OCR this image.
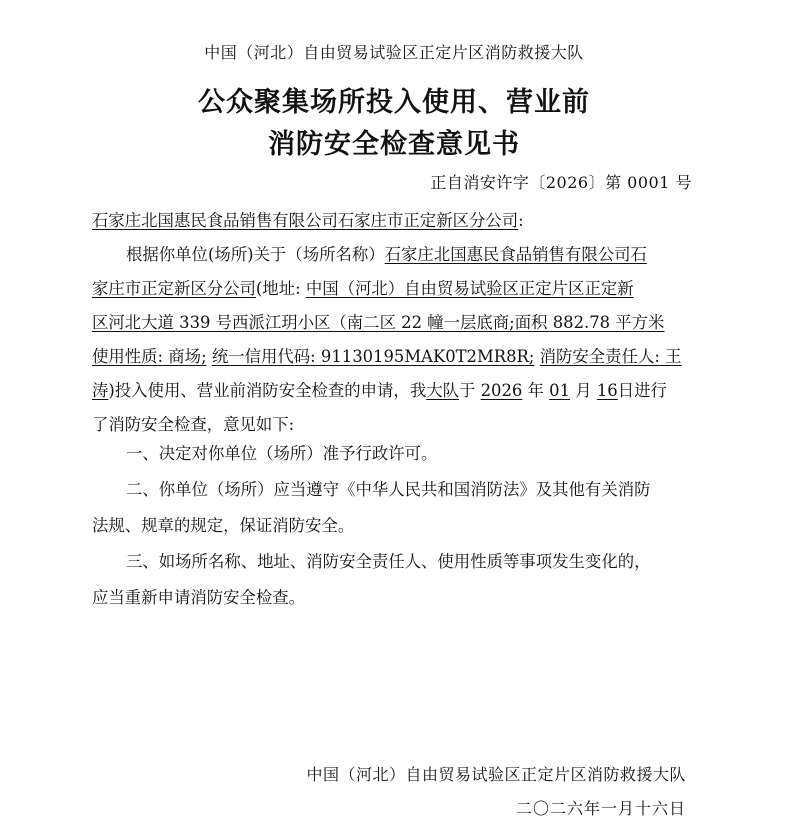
中国（河北）自由贸易试验区正定片区消防救援大队
公众聚集场所投入使用、营业前
消防安全检查意见书
正自消安许字〔2026〕第 0001 号
石家庄北国惠民食品销售有限公司石家庄市正定新区分公司:
根据你单位(场所)关于（场所名称）石家庄北国惠民食品销售有限公司石
家庄市正定新区分公司(地址: 中国（河北）自由贸易试验区正定片区正定新
区河北大道 339 号西派江玥小区（南二区 22 幢一层底商;面积 882.78 平方米
使用性质: 商场; 统一信用代码: 91130195MAK0T2MR8R; 消防安全责任人: 王
涛)投入使用、营业前消防安全检查的申请，我大队于 2026 年 01 月 16日进行
了消防安全检查，意见如下:
一、决定对你单位（场所）准予行政许可。
二、你单位（场所）应当遵守《中华人民共和国消防法》及其他有关消防
法规、规章的规定，保证消防安全。
三、如场所名称、地址、消防安全责任人、使用性质等事项发生变化的，
应当重新申请消防安全检查。
中国（河北）自由贸易试验区正定片区消防救援大队
二〇二六年一月十六日
